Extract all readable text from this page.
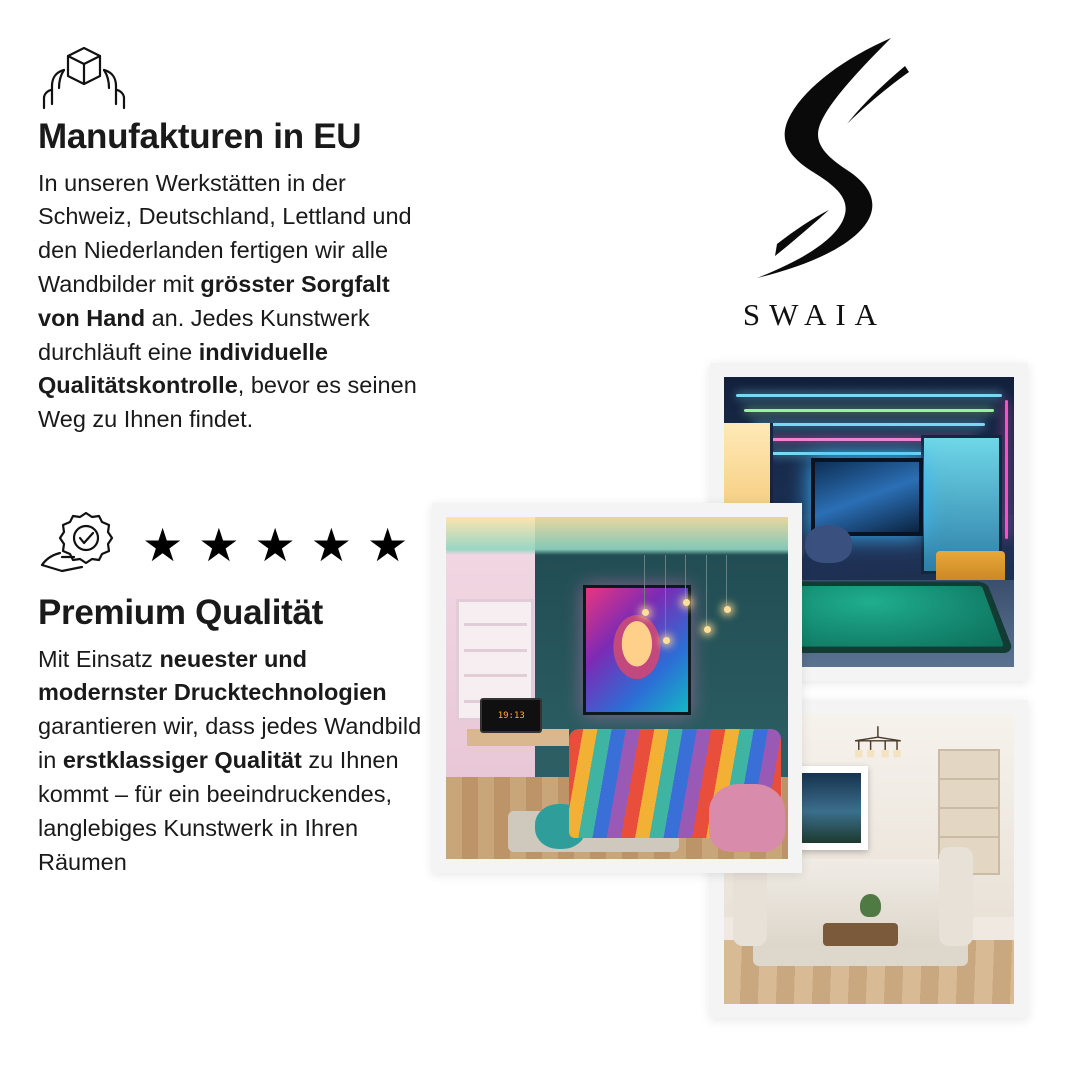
Manufakturen in EU
In unseren Werkstätten in der Schweiz, Deutschland, Lettland und den Niederlanden fertigen wir alle Wandbilder mit grösster Sorgfalt von Hand an. Jedes Kunstwerk durchläuft eine individuelle Qualitätskontrolle, bevor es seinen Weg zu Ihnen findet.
★ ★ ★ ★ ★
Premium Qualität
Mit Einsatz neuester und modernster Drucktechnologien garantieren wir, dass jedes Wandbild in erstklassiger Qualität zu Ihnen kommt – für ein beeindruckendes, langlebiges Kunstwerk in Ihren Räumen
SWAIA
19:13
